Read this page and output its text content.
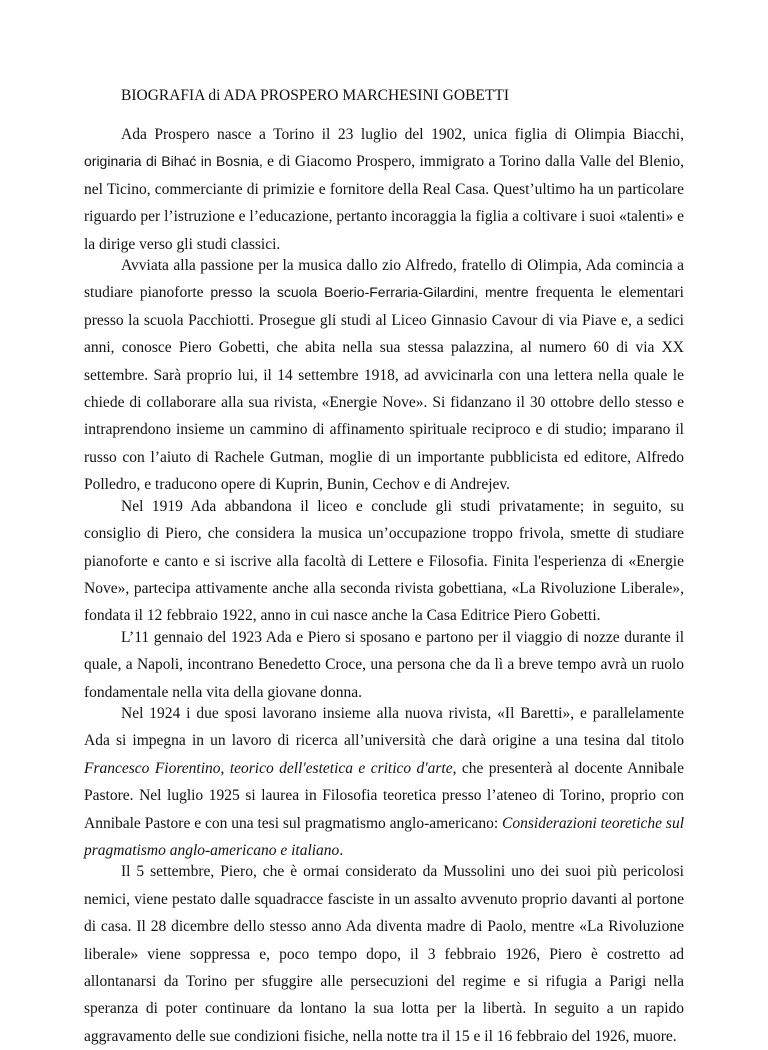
BIOGRAFIA di ADA PROSPERO MARCHESINI GOBETTI

Ada Prospero nasce a Torino il 23 luglio del 1902, unica figlia di Olimpia Biacchi, originaria di Bihać in Bosnia, e di Giacomo Prospero, immigrato a Torino dalla Valle del Blenio, nel Ticino, commerciante di primizie e fornitore della Real Casa. Quest’ultimo ha un particolare riguardo per l’istruzione e l’educazione, pertanto incoraggia la figlia a coltivare i suoi «talenti» e la dirige verso gli studi classici.

Avviata alla passione per la musica dallo zio Alfredo, fratello di Olimpia, Ada comincia a studiare pianoforte presso la scuola Boerio-Ferraria-Gilardini, mentre frequenta le elementari presso la scuola Pacchiotti. Prosegue gli studi al Liceo Ginnasio Cavour di via Piave e, a sedici anni, conosce Piero Gobetti, che abita nella sua stessa palazzina, al numero 60 di via XX settembre. Sarà proprio lui, il 14 settembre 1918, ad avvicinarla con una lettera nella quale le chiede di collaborare alla sua rivista, «Energie Nove». Si fidanzano il 30 ottobre dello stesso e intraprendono insieme un cammino di affinamento spirituale reciproco e di studio; imparano il russo con l’aiuto di Rachele Gutman, moglie di un importante pubblicista ed editore, Alfredo Polledro, e traducono opere di Kuprin, Bunin, Cechov e di Andrejev.

Nel 1919 Ada abbandona il liceo e conclude gli studi privatamente; in seguito, su consiglio di Piero, che considera la musica un’occupazione troppo frivola, smette di studiare pianoforte e canto e si iscrive alla facoltà di Lettere e Filosofia. Finita l'esperienza di «Energie Nove», partecipa attivamente anche alla seconda rivista gobettiana, «La Rivoluzione Liberale», fondata il 12 febbraio 1922, anno in cui nasce anche la Casa Editrice Piero Gobetti.

L’11 gennaio del 1923 Ada e Piero si sposano e partono per il viaggio di nozze durante il quale, a Napoli, incontrano Benedetto Croce, una persona che da lì a breve tempo avrà un ruolo fondamentale nella vita della giovane donna.

Nel 1924 i due sposi lavorano insieme alla nuova rivista, «Il Baretti», e parallelamente Ada si impegna in un lavoro di ricerca all’università che darà origine a una tesina dal titolo Francesco Fiorentino, teorico dell'estetica e critico d'arte, che presenterà al docente Annibale Pastore. Nel luglio 1925 si laurea in Filosofia teoretica presso l’ateneo di Torino, proprio con Annibale Pastore e con una tesi sul pragmatismo anglo-americano: Considerazioni teoretiche sul pragmatismo anglo-americano e italiano.

Il 5 settembre, Piero, che è ormai considerato da Mussolini uno dei suoi più pericolosi nemici, viene pestato dalle squadracce fasciste in un assalto avvenuto proprio davanti al portone di casa. Il 28 dicembre dello stesso anno Ada diventa madre di Paolo, mentre «La Rivoluzione liberale» viene soppressa e, poco tempo dopo, il 3 febbraio 1926, Piero è costretto ad allontanarsi da Torino per sfuggire alle persecuzioni del regime e si rifugia a Parigi nella speranza di poter continuare da lontano la sua lotta per la libertà. In seguito a un rapido aggravamento delle sue condizioni fisiche, nella notte tra il 15 e il 16 febbraio del 1926, muore.
